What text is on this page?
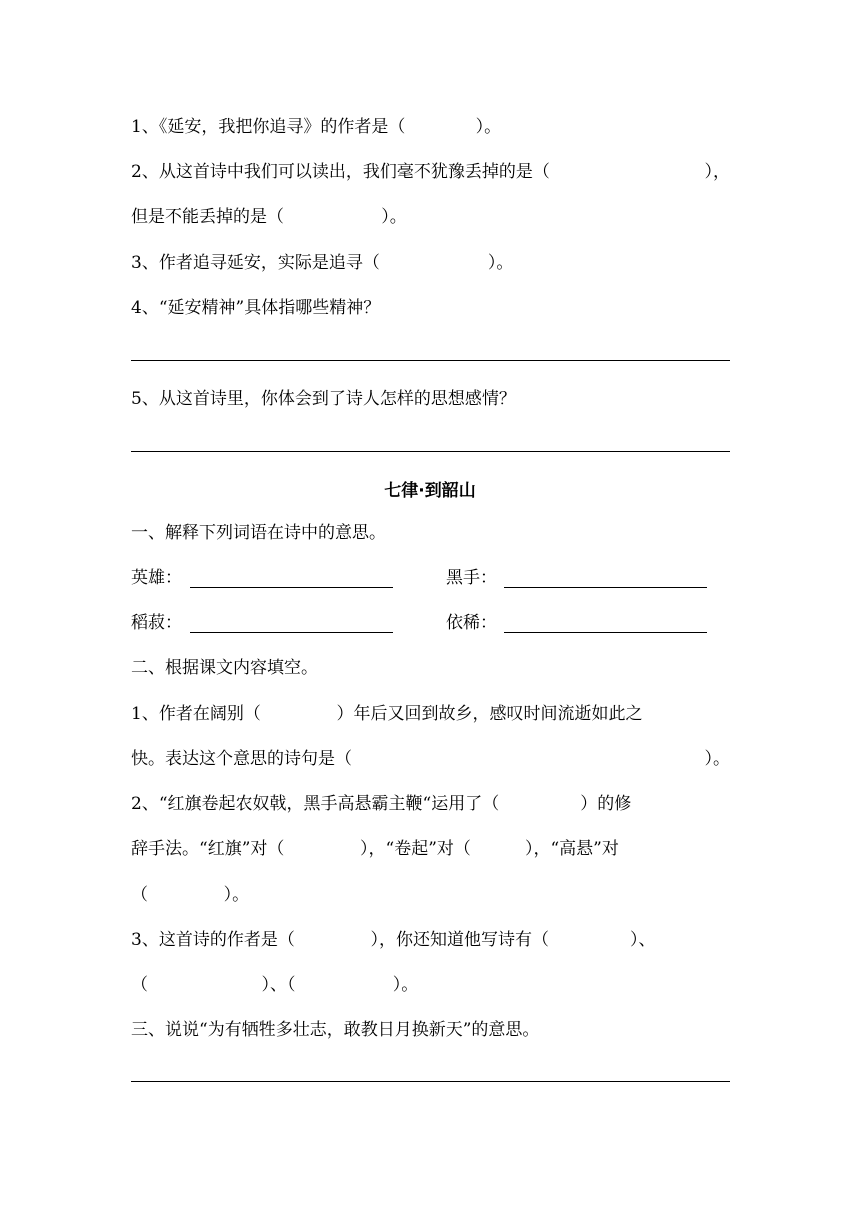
1、《延安，我把你追寻》的作者是（             ）。
2、从这首诗中我们可以读出，我们毫不犹豫丢掉的是（	），
但是不能丢掉的是（                  ）。
3、作者追寻延安，实际是追寻（                    ）。
4、“延安精神”具体指哪些精神？
5、从这首诗里，你体会到了诗人怎样的思想感情？
七律·到韶山
一、解释下列词语在诗中的意思。
英雄：	黑手：
稻菽：	依稀：
二、根据课文内容填空。
1、作者在阔别（              ）年后又回到故乡，感叹时间流逝如此之
快。表达这个意思的诗句是（	）。
2、“红旗卷起农奴戟，黑手高悬霸主鞭“运用了（               ）的修
辞手法。“红旗”对（              ），“卷起”对（          ），“高悬”对
（              ）。
3、这首诗的作者是（              ），你还知道他写诗有（               ）、
（                     ）、（                  ）。
三、说说“为有牺牲多壮志，敢教日月换新天”的意思。
